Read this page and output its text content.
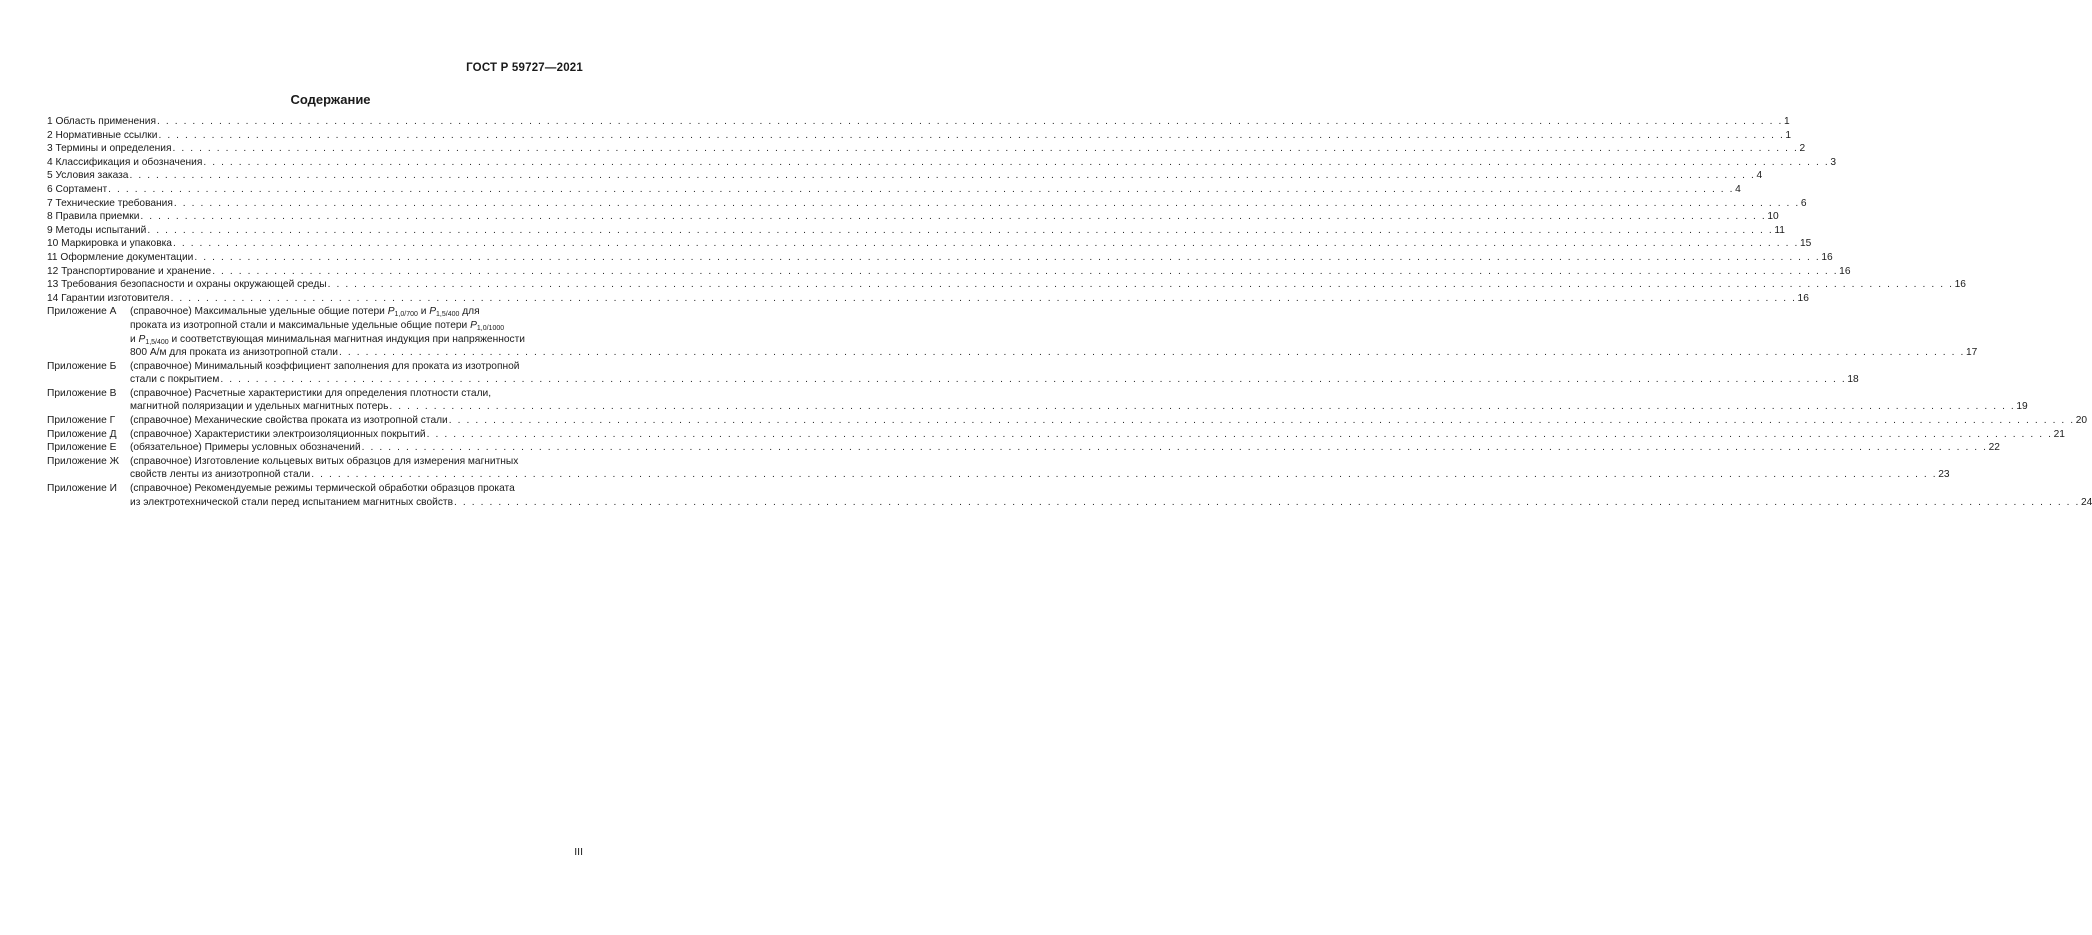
ГОСТ Р 59727—2021
Содержание
1 Область применения . . .	1
2 Нормативные ссылки . . .	1
3 Термины и определения . . .	2
4 Классификация и обозначения . . .	3
5 Условия заказа . . .	4
6 Сортамент . . .	4
7 Технические требования . . .	6
8 Правила приемки . . .	10
9 Методы испытаний . . .	11
10 Маркировка и упаковка . . .	15
11 Оформление документации . . .	16
12 Транспортирование и хранение . . .	16
13 Требования безопасности и охраны окружающей среды . . .	16
14 Гарантии изготовителя . . .	16
Приложение А	(справочное) Максимальные удельные общие потери $P_{1,0/700}$ и $P_{1,5/400}$ для
проката из изотропной стали и максимальные удельные общие потери $P_{1,0/1000}$
и $P_{1,5/400}$ и соответствующая минимальная магнитная индукция при напряженности
800 А/м для проката из анизотропной стали . . .	17
Приложение Б	(справочное) Минимальный коэффициент заполнения для проката из изотропной
стали с покрытием . . .	18
Приложение В	(справочное) Расчетные характеристики для определения плотности стали,
магнитной поляризации и удельных магнитных потерь . . .	19
Приложение Г	(справочное) Механические свойства проката из изотропной стали . . .	20
Приложение Д	(справочное) Характеристики электроизоляционных покрытий . . .	21
Приложение Е	(обязательное) Примеры условных обозначений . . .	22
Приложение Ж	(справочное) Изготовление кольцевых витых образцов для измерения магнитных
свойств ленты из анизотропной стали . . .	23
Приложение И	(справочное) Рекомендуемые режимы термической обработки образцов проката
из электротехнической стали перед испытанием магнитных свойств . . .	24
III
